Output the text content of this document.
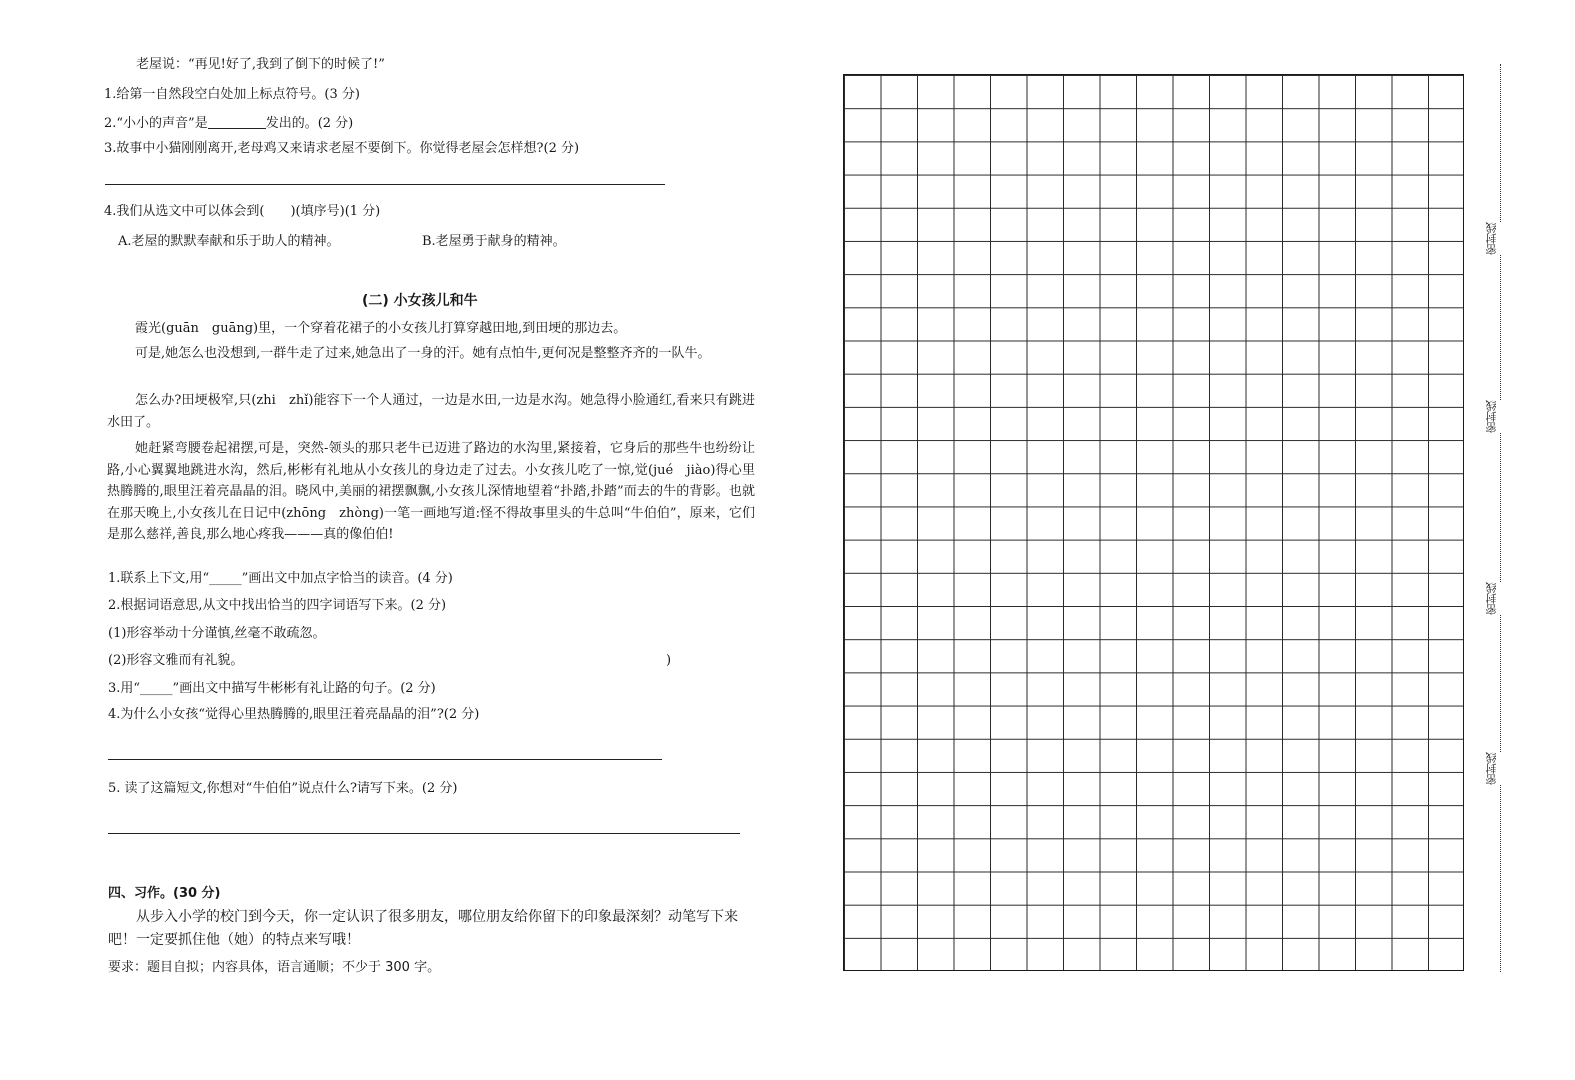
老屋说：“再见!好了,我到了倒下的时候了!”
1.给第一自然段空白处加上标点符号。(3 分)
2.“小小的声音”是	发出的。(2 分)
3.故事中小猫刚刚离开,老母鸡又来请求老屋不要倒下。你觉得老屋会怎样想?(2 分)
4.我们从选文中可以体会到(　　)(填序号)(1 分)
A.老屋的默默奉献和乐于助人的精神。	B.老屋勇于献身的精神。
(二) 小女孩儿和牛
霞光(guān　guāng)里，一个穿着花裙子的小女孩儿打算穿越田地,到田埂的那边去。
可是,她怎么也没想到,一群牛走了过来,她急出了一身的汗。她有点怕牛,更何况是整整齐齐的一队牛。
怎么办?田埂极窄,只(zhi　zhǐ)能容下一个人通过，一边是水田,一边是水沟。她急得小脸通红,看来只有跳进水田了。
她赶紧弯腰卷起裙摆,可是，突然-领头的那只老牛已迈进了路边的水沟里,紧接着，它身后的那些牛也纷纷让路,小心翼翼地跳进水沟，然后,彬彬有礼地从小女孩儿的身边走了过去。小女孩儿吃了一惊,觉(jué　jiào)得心里热腾腾的,眼里汪着亮晶晶的泪。晓风中,美丽的裙摆飘飘,小女孩儿深情地望着“扑踏,扑踏”而去的牛的背影。也就在那天晚上,小女孩儿在日记中(zhōng　zhòng)一笔一画地写道:怪不得故事里头的牛总叫“牛伯伯”，原来，它们是那么慈祥,善良,那么地心疼我———真的像伯伯!
1.联系上下文,用“_____”画出文中加点字恰当的读音。(4 分)
2.根据词语意思,从文中找出恰当的四字词语写下来。(2 分)
(1)形容举动十分谨慎,丝毫不敢疏忽。
(2)形容文雅而有礼貌。	)
3.用“_____”画出文中描写牛彬彬有礼让路的句子。(2 分)
4.为什么小女孩“觉得心里热腾腾的,眼里汪着亮晶晶的泪”?(2 分)
5. 读了这篇短文,你想对“牛伯伯”说点什么?请写下来。(2 分)
四、习作。(30 分)
从步入小学的校门到今天，你一定认识了很多朋友，哪位朋友给你留下的印象最深刻？动笔写下来吧！一定要抓住他（她）的特点来写哦！
要求：题目自拟；内容具体，语言通顺；不少于 300 字。
密封线
密封线
密封线
密封线
